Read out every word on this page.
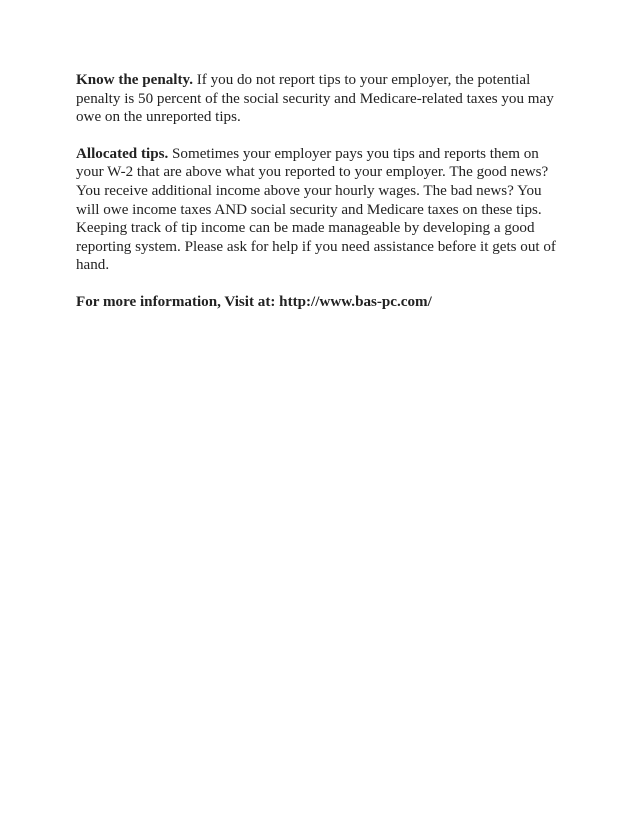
Know the penalty. If you do not report tips to your employer, the potential
penalty is 50 percent of the social security and Medicare-related taxes you may
owe on the unreported tips.

Allocated tips. Sometimes your employer pays you tips and reports them on
your W-2 that are above what you reported to your employer. The good news?
You receive additional income above your hourly wages. The bad news? You
will owe income taxes AND social security and Medicare taxes on these tips.
Keeping track of tip income can be made manageable by developing a good
reporting system. Please ask for help if you need assistance before it gets out of
hand.

For more information, Visit at: http://www.bas-pc.com/
